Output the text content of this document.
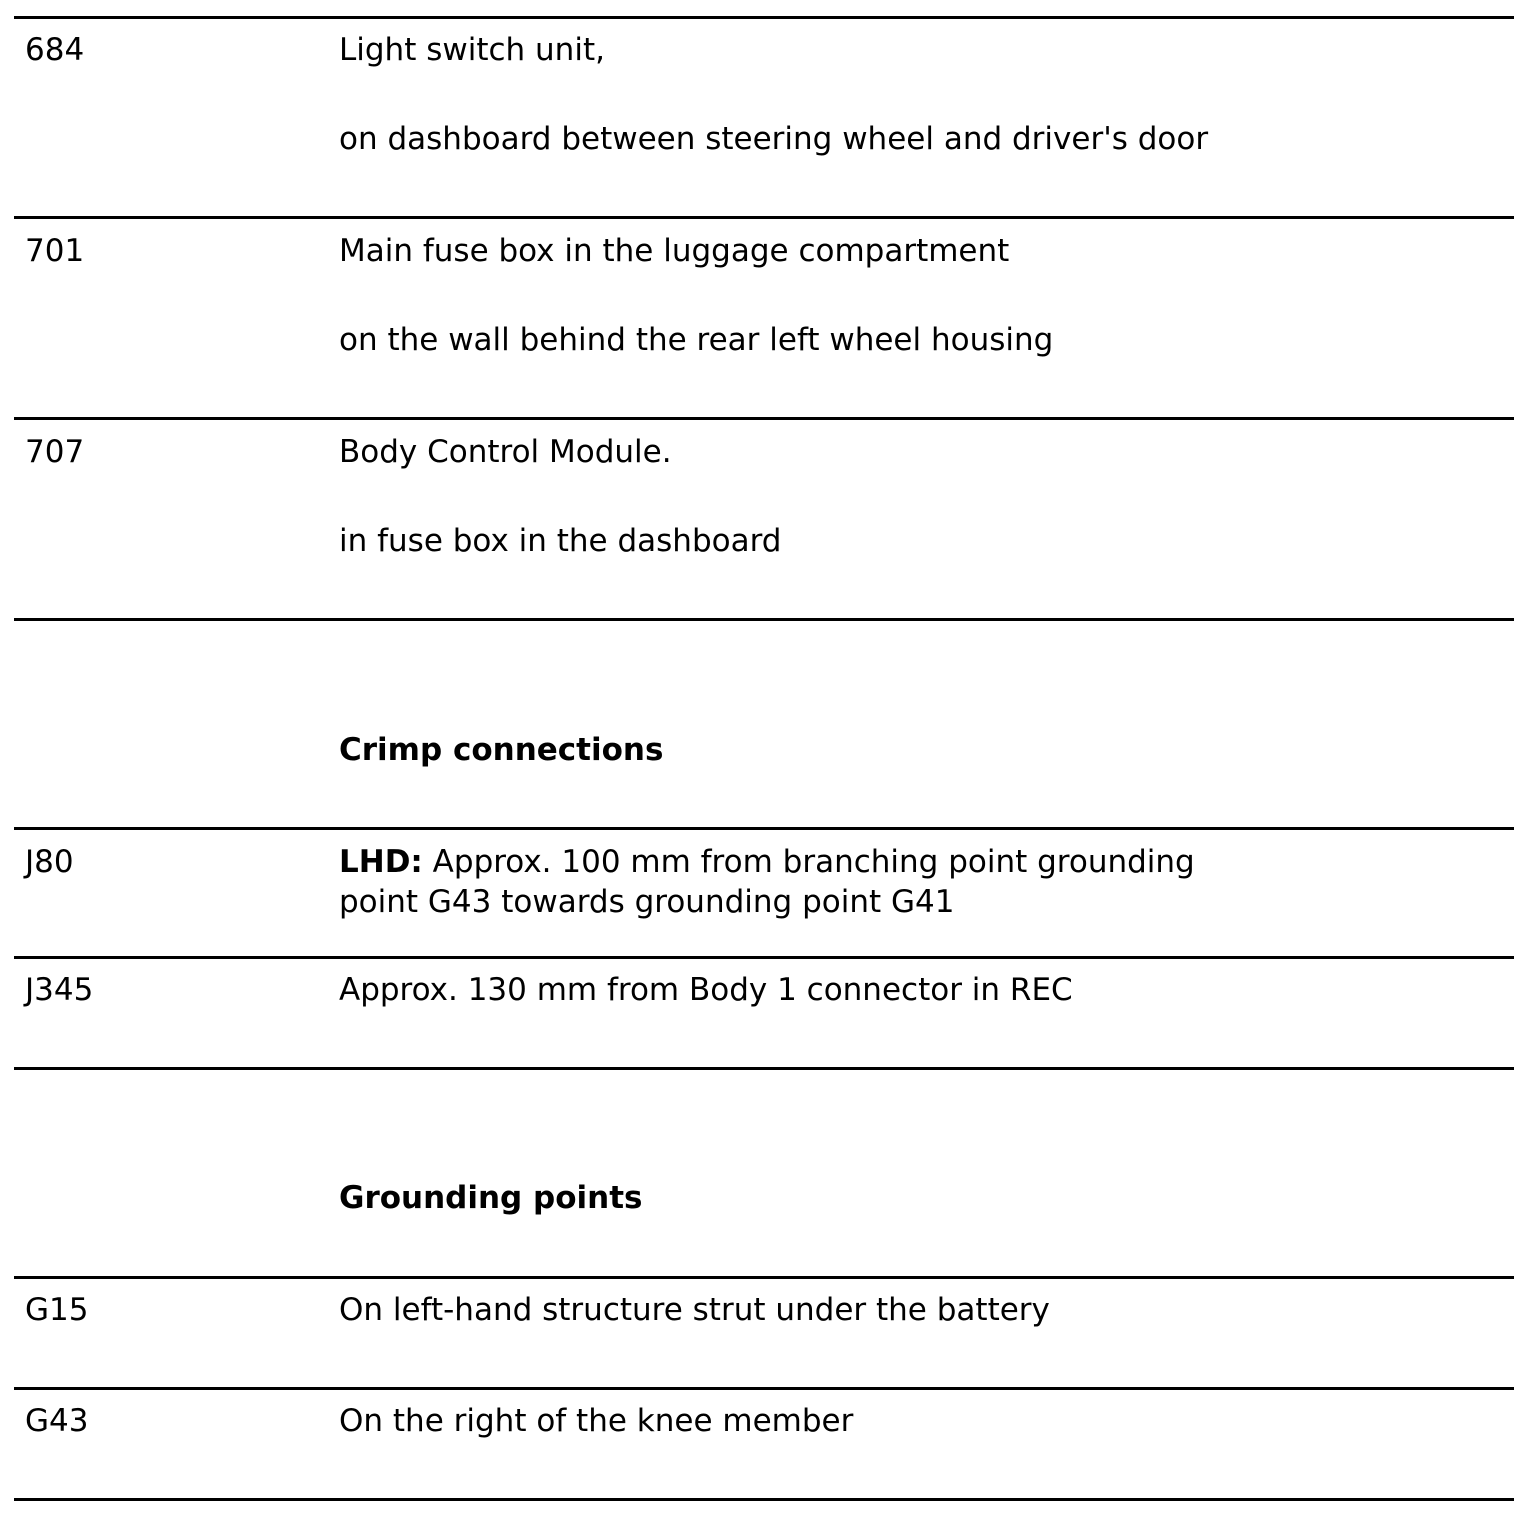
684	Light switch unit,
on dashboard between steering wheel and driver's door
701	Main fuse box in the luggage compartment
on the wall behind the rear left wheel housing
707	Body Control Module.
in fuse box in the dashboard
Crimp connections
J80	LHD: Approx. 100 mm from branching point grounding
point G43 towards grounding point G41
J345	Approx. 130 mm from Body 1 connector in REC
Grounding points
G15	On left-hand structure strut under the battery
G43	On the right of the knee member
